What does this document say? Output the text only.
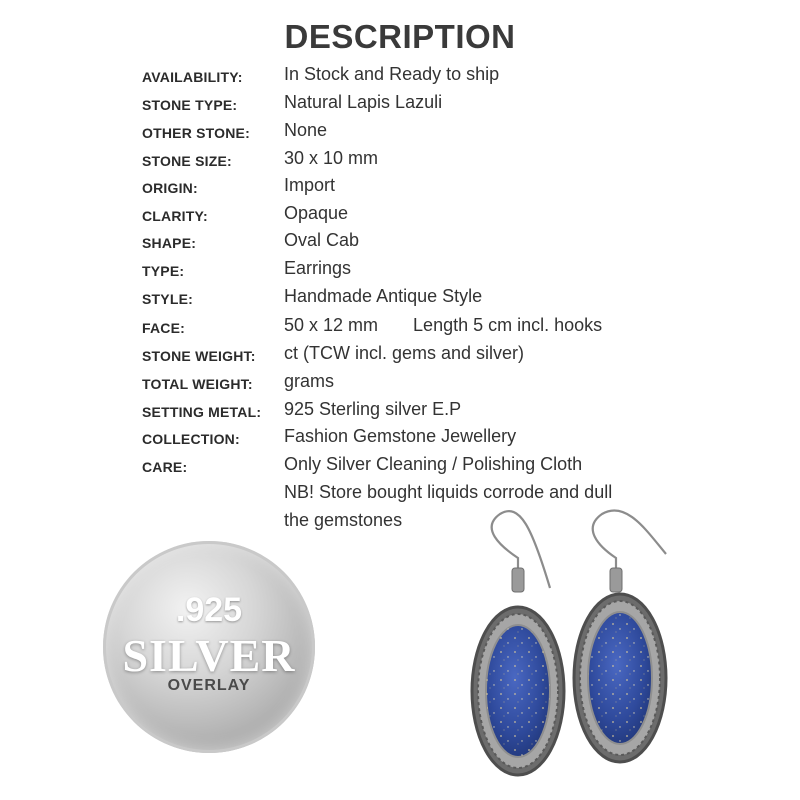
DESCRIPTION
AVAILABILITY: In Stock and Ready to ship
STONE TYPE:	Natural Lapis Lazuli
OTHER STONE: None
STONE SIZE:	30 x 10 mm
ORIGIN:	Import
CLARITY:	Opaque
SHAPE:	Oval Cab
TYPE:	Earrings
STYLE:	Handmade Antique Style
FACE:	50 x 12 mm       Length 5 cm incl. hooks
STONE WEIGHT: ct (TCW incl. gems and silver)
TOTAL WEIGHT: grams
SETTING METAL: 925 Sterling silver E.P
COLLECTION: Fashion Gemstone Jewellery
CARE:	Only Silver Cleaning / Polishing Cloth
NB! Store bought liquids corrode and dull
the gemstones
.925
SILVER
OVERLAY
